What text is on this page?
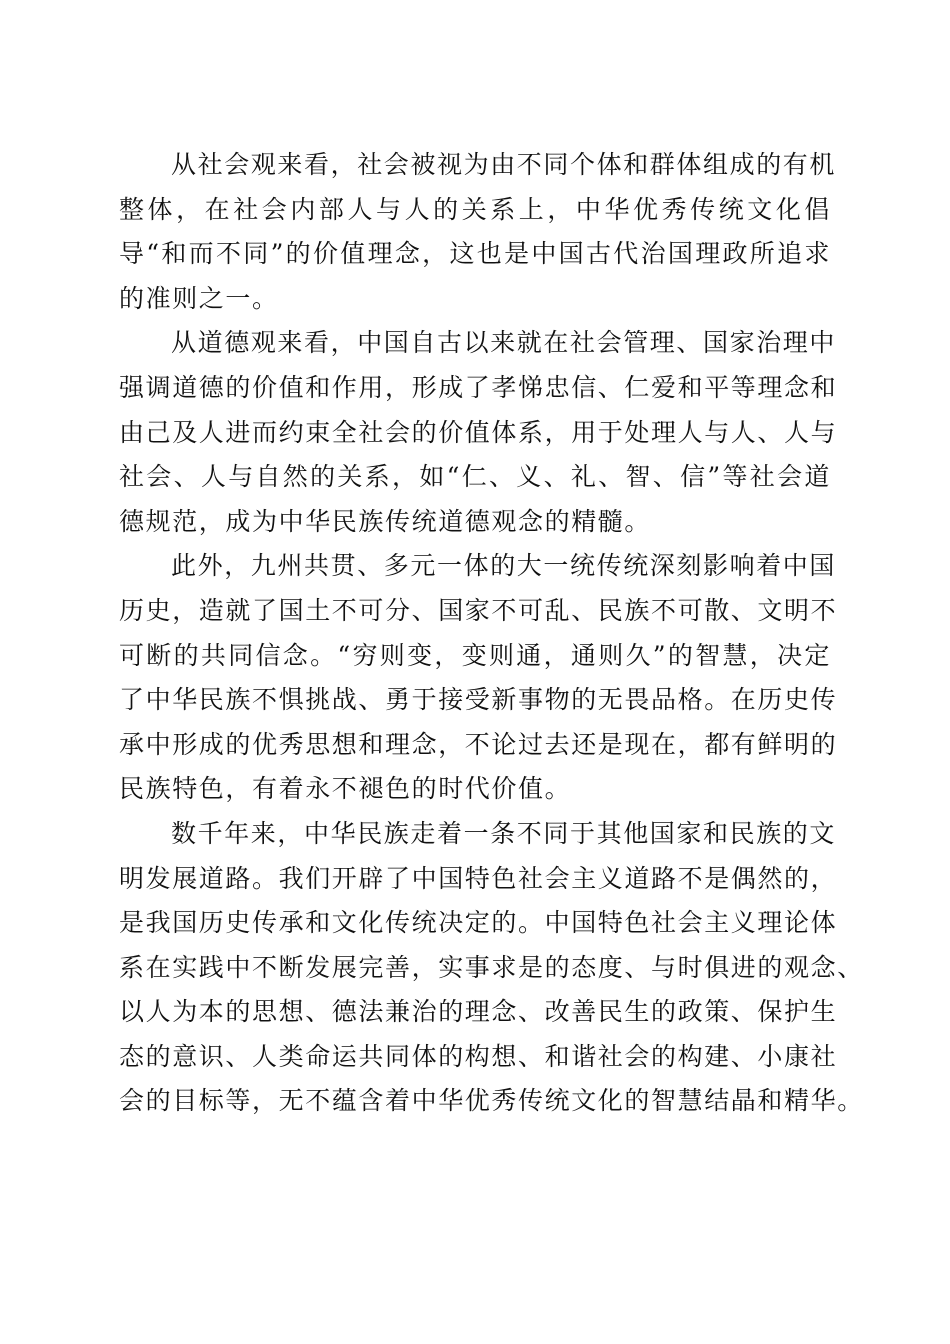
从社会观来看，社会被视为由不同个体和群体组成的有机
整体，在社会内部人与人的关系上，中华优秀传统文化倡
导“和而不同”的价值理念，这也是中国古代治国理政所追求
的准则之一。
从道德观来看，中国自古以来就在社会管理、国家治理中
强调道德的价值和作用，形成了孝悌忠信、仁爱和平等理念和
由己及人进而约束全社会的价值体系，用于处理人与人、人与
社会、人与自然的关系，如“仁、义、礼、智、信”等社会道
德规范，成为中华民族传统道德观念的精髓。
此外，九州共贯、多元一体的大一统传统深刻影响着中国
历史，造就了国土不可分、国家不可乱、民族不可散、文明不
可断的共同信念。“穷则变，变则通，通则久”的智慧，决定
了中华民族不惧挑战、勇于接受新事物的无畏品格。在历史传
承中形成的优秀思想和理念，不论过去还是现在，都有鲜明的
民族特色，有着永不褪色的时代价值。
数千年来，中华民族走着一条不同于其他国家和民族的文
明发展道路。我们开辟了中国特色社会主义道路不是偶然的，
是我国历史传承和文化传统决定的。中国特色社会主义理论体
系在实践中不断发展完善，实事求是的态度、与时俱进的观念、
以人为本的思想、德法兼治的理念、改善民生的政策、保护生
态的意识、人类命运共同体的构想、和谐社会的构建、小康社
会的目标等，无不蕴含着中华优秀传统文化的智慧结晶和精华。
